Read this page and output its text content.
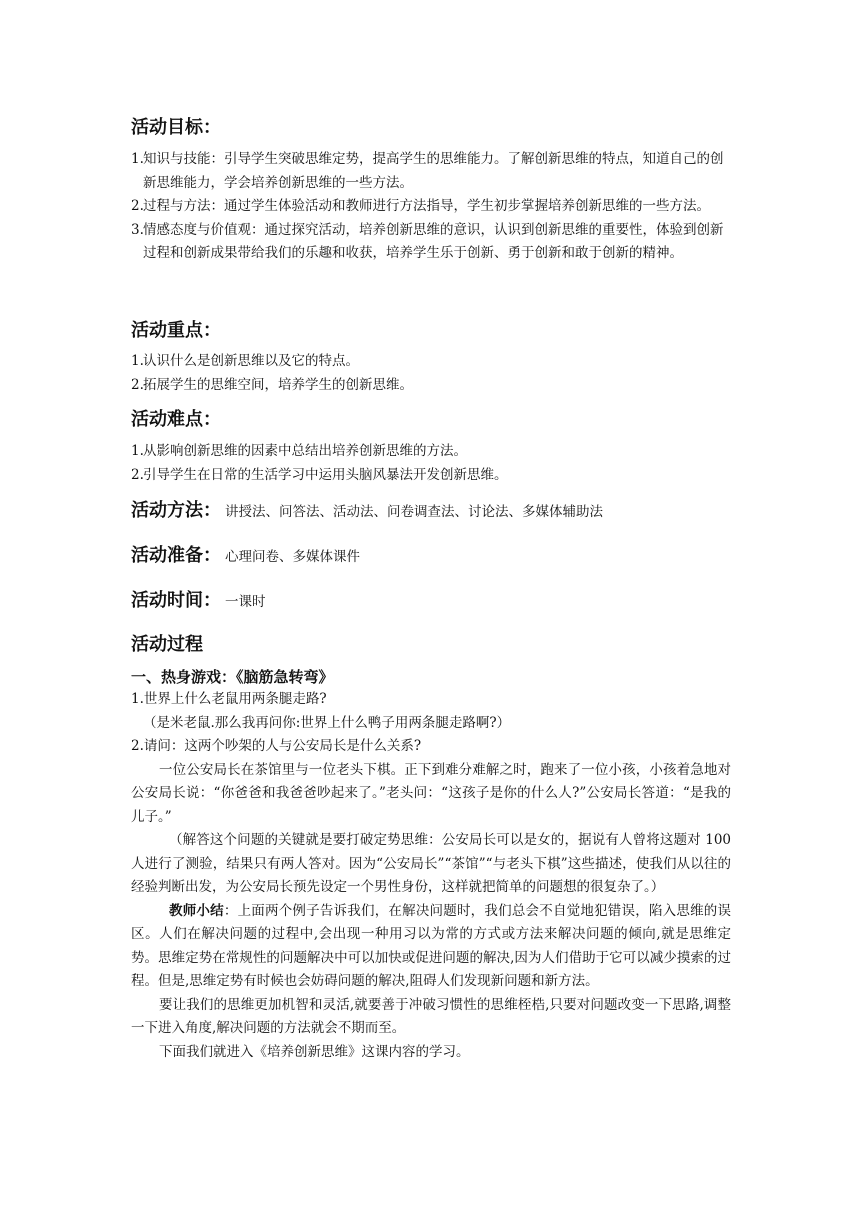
活动目标：
1.知识与技能：引导学生突破思维定势，提高学生的思维能力。了解创新思维的特点，知道自己的创新思维能力，学会培养创新思维的一些方法。
2.过程与方法：通过学生体验活动和教师进行方法指导，学生初步掌握培养创新思维的一些方法。
3.情感态度与价值观：通过探究活动，培养创新思维的意识，认识到创新思维的重要性，体验到创新过程和创新成果带给我们的乐趣和收获，培养学生乐于创新、勇于创新和敢于创新的精神。
活动重点：
1.认识什么是创新思维以及它的特点。
2.拓展学生的思维空间，培养学生的创新思维。
活动难点：
1.从影响创新思维的因素中总结出培养创新思维的方法。
2.引导学生在日常的生活学习中运用头脑风暴法开发创新思维。
活动方法： 讲授法、问答法、活动法、问卷调查法、讨论法、多媒体辅助法
活动准备： 心理问卷、多媒体课件
活动时间： 一课时
活动过程
一、热身游戏：《脑筋急转弯》
1.世界上什么老鼠用两条腿走路?
（是米老鼠.那么我再问你:世界上什么鸭子用两条腿走路啊?）
2.请问：这两个吵架的人与公安局长是什么关系?
一位公安局长在茶馆里与一位老头下棋。正下到难分难解之时，跑来了一位小孩，小孩着急地对公安局长说：“你爸爸和我爸爸吵起来了。”老头问：“这孩子是你的什么人?”公安局长答道：“是我的儿子。”
（解答这个问题的关键就是要打破定势思维：公安局长可以是女的，据说有人曾将这题对 100 人进行了测验，结果只有两人答对。因为“公安局长”“茶馆”“与老头下棋”这些描述，使我们从以往的经验判断出发，为公安局长预先设定一个男性身份，这样就把简单的问题想的很复杂了。）
教师小结：上面两个例子告诉我们，在解决问题时，我们总会不自觉地犯错误，陷入思维的误区。人们在解决问题的过程中,会出现一种用习以为常的方式或方法来解决问题的倾向,就是思维定势。思维定势在常规性的问题解决中可以加快或促进问题的解决,因为人们借助于它可以减少摸索的过程。但是,思维定势有时候也会妨碍问题的解决,阻碍人们发现新问题和新方法。
要让我们的思维更加机智和灵活,就要善于冲破习惯性的思维桎梏,只要对问题改变一下思路,调整一下进入角度,解决问题的方法就会不期而至。
下面我们就进入《培养创新思维》这课内容的学习。
